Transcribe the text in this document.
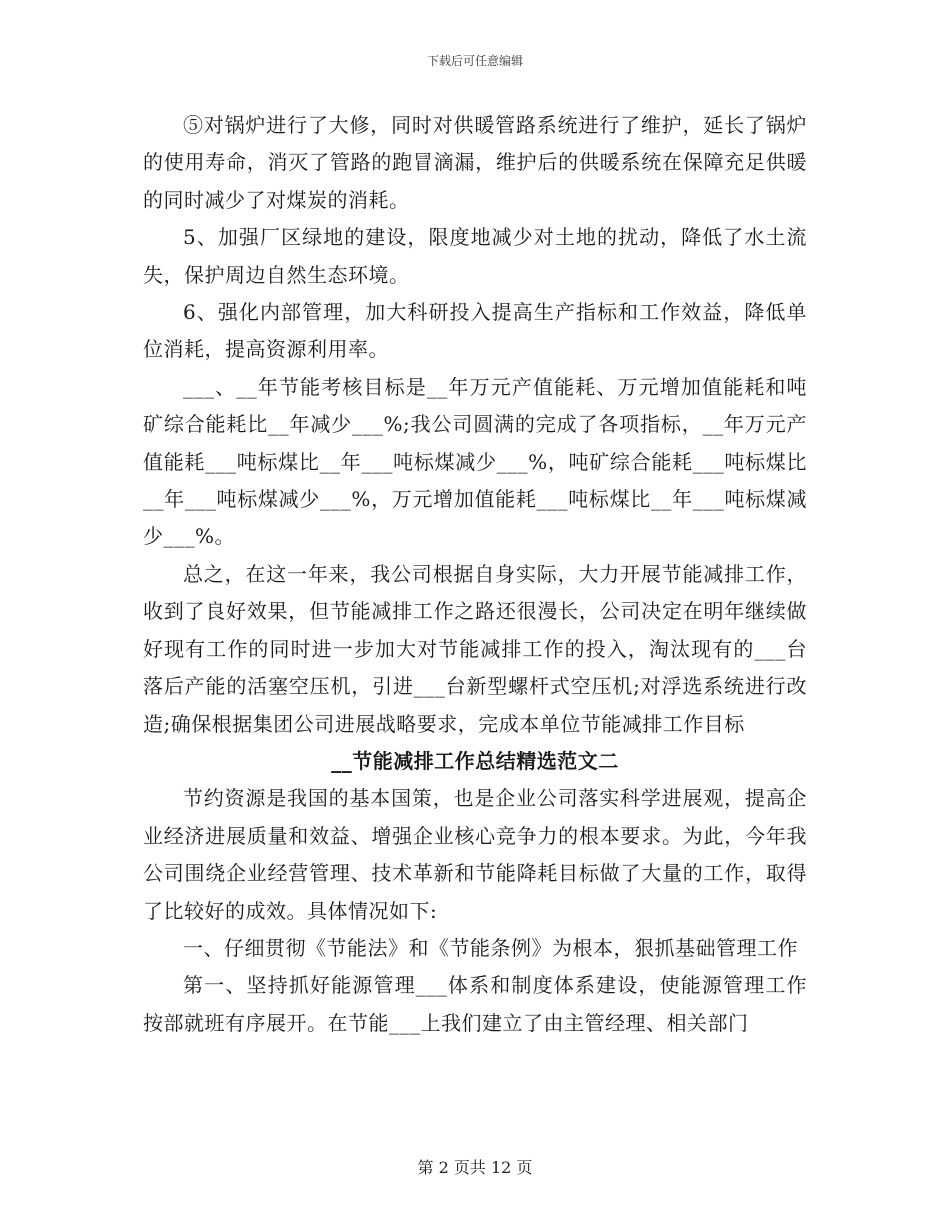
下载后可任意编辑

⑤对锅炉进行了大修，同时对供暖管路系统进行了维护，延长了锅炉的使用寿命，消灭了管路的跑冒滴漏，维护后的供暖系统在保障充足供暖的同时减少了对煤炭的消耗。

5、加强厂区绿地的建设，限度地减少对土地的扰动，降低了水土流失，保护周边自然生态环境。

6、强化内部管理，加大科研投入提高生产指标和工作效益，降低单位消耗，提高资源利用率。

___、__年节能考核目标是__年万元产值能耗、万元增加值能耗和吨矿综合能耗比__年减少___%;我公司圆满的完成了各项指标，__年万元产值能耗___吨标煤比__年___吨标煤减少___%，吨矿综合能耗___吨标煤比__年___吨标煤减少___%，万元增加值能耗___吨标煤比__年___吨标煤减少___%。

总之，在这一年来，我公司根据自身实际，大力开展节能减排工作，收到了良好效果，但节能减排工作之路还很漫长，公司决定在明年继续做好现有工作的同时进一步加大对节能减排工作的投入，淘汰现有的___台落后产能的活塞空压机，引进___台新型螺杆式空压机;对浮选系统进行改造;确保根据集团公司进展战略要求，完成本单位节能减排工作目标

__节能减排工作总结精选范文二

节约资源是我国的基本国策，也是企业公司落实科学进展观，提高企业经济进展质量和效益、增强企业核心竞争力的根本要求。为此，今年我公司围绕企业经营管理、技术革新和节能降耗目标做了大量的工作，取得了比较好的成效。具体情况如下:

一、仔细贯彻《节能法》和《节能条例》为根本，狠抓基础管理工作

第一、坚持抓好能源管理___体系和制度体系建设，使能源管理工作按部就班有序展开。在节能___上我们建立了由主管经理、相关部门

第 2 页共 12 页
